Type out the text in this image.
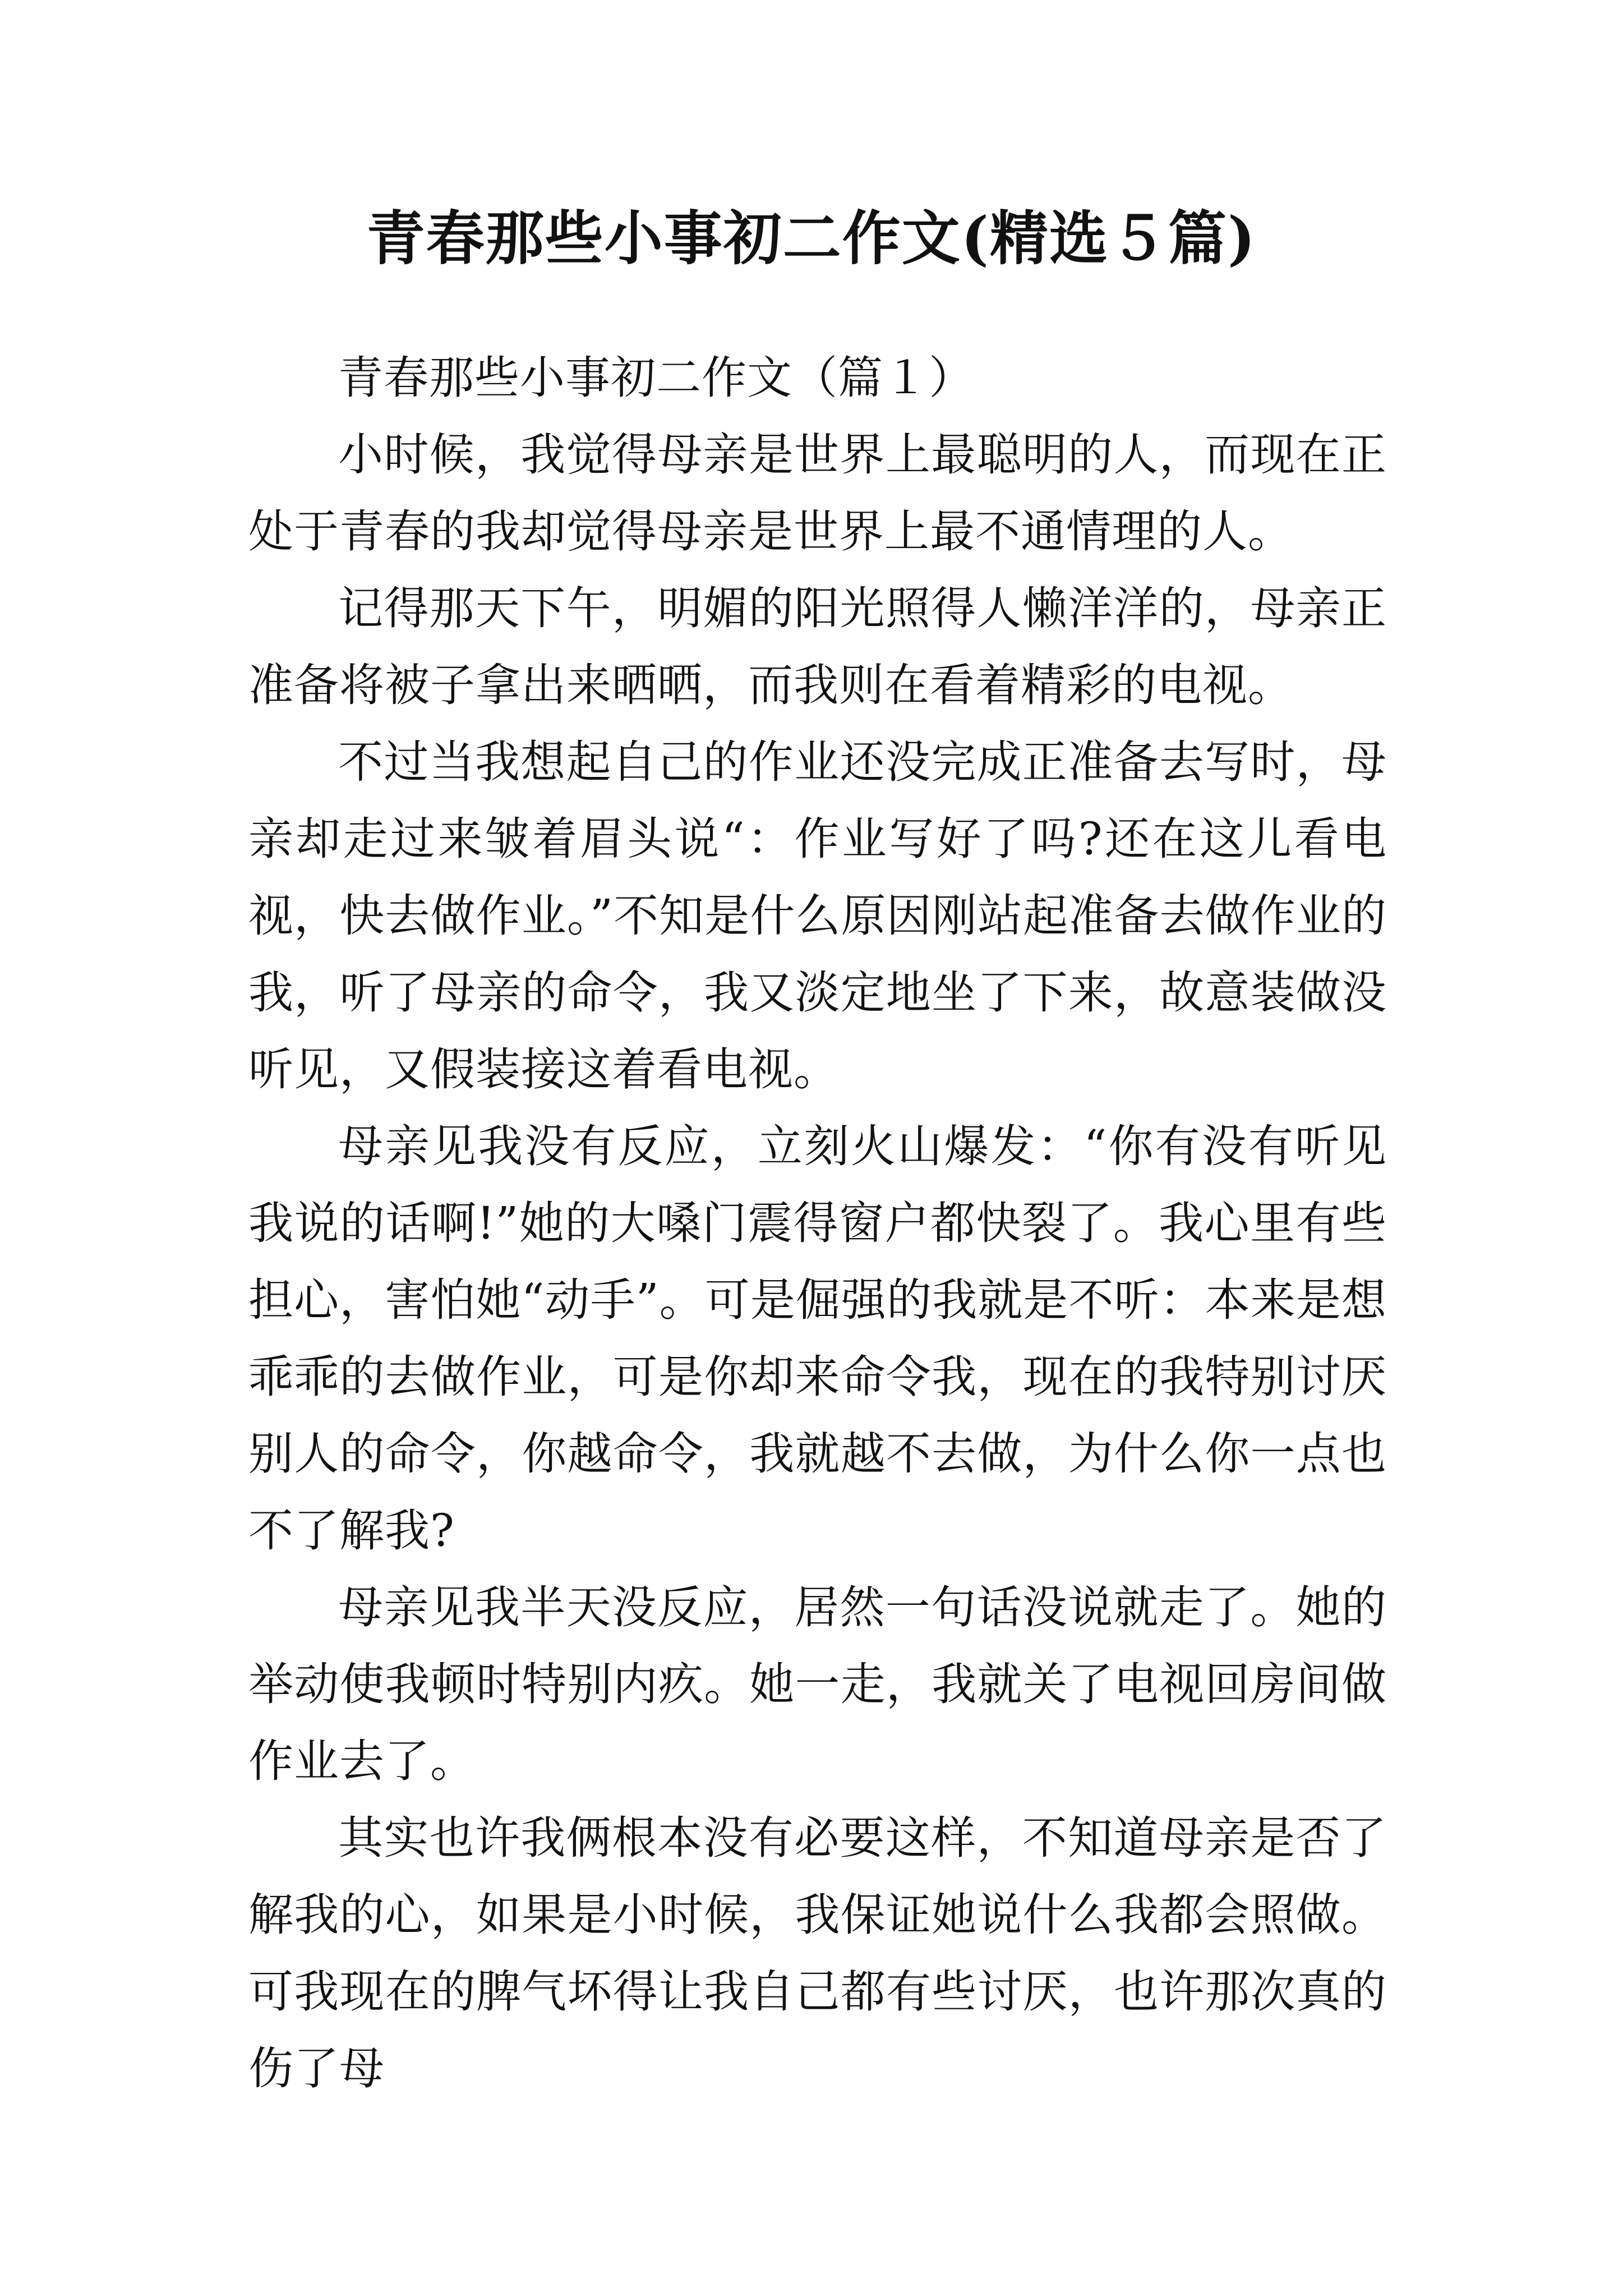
青春那些小事初二作文(精选５篇)

青春那些小事初二作文（篇１）

小时候，我觉得母亲是世界上最聪明的人，而现在正处于青春的我却觉得母亲是世界上最不通情理的人。

记得那天下午，明媚的阳光照得人懒洋洋的，母亲正准备将被子拿出来晒晒，而我则在看着精彩的电视。

不过当我想起自己的作业还没完成正准备去写时，母亲却走过来皱着眉头说“：作业写好了吗?还在这儿看电视，快去做作业。”不知是什么原因刚站起准备去做作业的我，听了母亲的命令，我又淡定地坐了下来，故意装做没听见，又假装接这着看电视。

母亲见我没有反应，立刻火山爆发：“你有没有听见我说的话啊!”她的大嗓门震得窗户都快裂了。我心里有些担心，害怕她“动手”。可是倔强的我就是不听：本来是想乖乖的去做作业，可是你却来命令我，现在的我特别讨厌别人的命令，你越命令，我就越不去做，为什么你一点也不了解我?

母亲见我半天没反应，居然一句话没说就走了。她的举动使我顿时特别内疚。她一走，我就关了电视回房间做作业去了。

其实也许我俩根本没有必要这样，不知道母亲是否了解我的心，如果是小时候，我保证她说什么我都会照做。可我现在的脾气坏得让我自己都有些讨厌，也许那次真的伤了母
